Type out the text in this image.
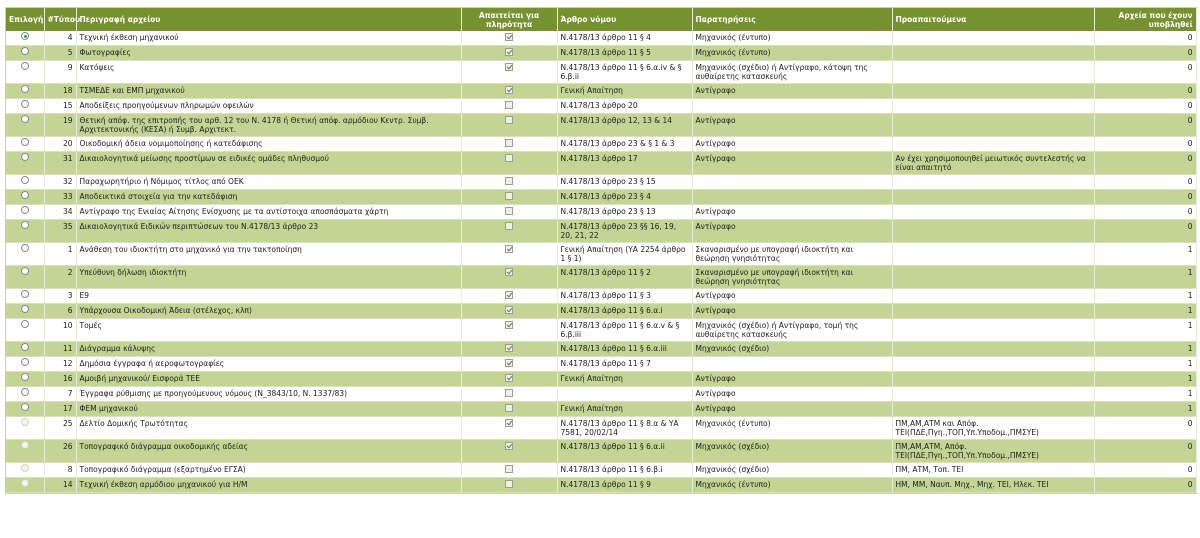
Επιλογή	#Τύπου	Περιγραφή αρχείου	Απαιτείται για πληρότητα	Άρθρο νόμου	Παρατηρήσεις	Προαπαιτούμενα	Αρχεία που έχουν υποβληθεί
	4	Τεχνική έκθεση μηχανικού		N.4178/13 άρθρο 11 § 4	Μηχανικός (έντυπο)		0
	5	Φωτογραφίες		N.4178/13 άρθρο 11 § 5	Μηχανικός (έντυπο)		0
	9	Κατόψεις		N.4178/13 άρθρο 11 § 6.α.iv & § 6.β.ii	Μηχανικός (σχέδιο) ή Αντίγραφο, κάτοψη της αυθαίρετης κατασκευής		0
	18	ΤΣΜΕΔΕ και ΕΜΠ μηχανικού		Γενική Απαίτηση	Αντίγραφο		0
	15	Αποδείξεις προηγούμενων πληρωμών οφειλών		N.4178/13 άρθρο 20			0
	19	Θετική απόφ. της επιτροπής του αρθ. 12 του Ν. 4178 ή Θετική απόφ. αρμόδιου Κεντρ. Συμβ. Αρχιτεκτονικής (ΚΕΣΑ) ή Συμβ. Αρχιτεκτ.		N.4178/13 άρθρο 12, 13 & 14	Αντίγραφο		0
	20	Οικοδομική άδεια νομιμοποίησης ή κατεδάφισης		N.4178/13 άρθρο 23 & § 1 & 3	Αντίγραφο		0
	31	Δικαιολογητικά μείωσης προστίμων σε ειδικές ομάδες πληθυσμού		N.4178/13 άρθρο 17	Αντίγραφο	Αν έχει χρησιμοποιηθεί μειωτικός συντελεστής να είναι απαιτητό	0
	32	Παραχωρητήριο ή Νόμιμος τίτλος από ΟΕΚ		N.4178/13 άρθρο 23 § 15			0
	33	Αποδεικτικά στοιχεία για την κατεδάφιση		N.4178/13 άρθρο 23 § 4			0
	34	Αντίγραφο της Ενιαίας Αίτησης Ενίσχυσης με τα αντίστοιχα αποσπάσματα χάρτη		N.4178/13 άρθρο 23 § 13	Αντίγραφο		0
	35	Δικαιολογητικά Ειδικών περιπτώσεων του N.4178/13 άρθρο 23		N.4178/13 άρθρο 23 §§ 16, 19, 20, 21, 22	Αντίγραφο		0
	1	Ανάθεση του ιδιοκτήτη στο μηχανικό για την τακτοποίηση		Γενική Απαίτηση (ΥΑ 2254 άρθρο 1 § 1)	Σκαναρισμένο με υπογραφή ιδιοκτήτη και θεώρηση γνησιότητας		1
	2	Υπεύθυνη δήλωση ιδιοκτήτη		N.4178/13 άρθρο 11 § 2	Σκαναρισμένο με υπογραφή ιδιοκτήτη και θεώρηση γνησιότητας		1
	3	Ε9		N.4178/13 άρθρο 11 § 3	Αντίγραφο		1
	6	Υπάρχουσα Οικοδομική Άδεια (στέλεχος, κλπ)		N.4178/13 άρθρο 11 § 6.α.i	Αντίγραφο		1
	10	Τομές		N.4178/13 άρθρο 11 § 6.α.v & § 6.β.iii	Μηχανικός (σχέδιο) ή Αντίγραφο, τομή της αυθαίρετης κατασκευής		1
	11	Διάγραμμα κάλυψης		N.4178/13 άρθρο 11 § 6.α.iii	Μηχανικός (σχέδιο)		1
	12	Δημόσια έγγραφα ή αεροφωτογραφίες		N.4178/13 άρθρο 11 § 7			1
	16	Αμοιβή μηχανικού/ Εισφορά ΤΕΕ		Γενική Απαίτηση	Αντίγραφο		1
	7	Έγγραφα ρύθμισης με προηγούμενους νόμους (N_3843/10, N. 1337/83)			Αντίγραφο		1
	17	ΦΕΜ μηχανικού		Γενική Απαίτηση	Αντίγραφο		1
	25	Δελτίο Δομικής Τρωτότητας		N.4178/13 άρθρο 11 § 8.α & ΥΑ 7581, 20/02/14	Μηχανικός (έντυπο)	ΠΜ,ΑΜ,ΑΤΜ και Απόφ. ΤΕΙ(ΠΔΕ,Πγη.,ΤΟΠ,Υπ.Υποδομ.,ΠΜΣΥΕ)	0
	26	Τοπογραφικό διάγραμμα οικοδομικής αδείας		N.4178/13 άρθρο 11 § 6.α.ii	Μηχανικός (σχέδιο)	ΠΜ,ΑΜ,ΑΤΜ, Απόφ. ΤΕΙ(ΠΔΕ,Πγη.,ΤΟΠ,Υπ.Υποδομ.,ΠΜΣΥΕ)	0
	8	Τοπογραφικό διάγραμμα (εξαρτημένο ΕΓΣΑ)		N.4178/13 άρθρο 11 § 6.β.i	Μηχανικός (σχέδιο)	ΠΜ, ΑΤΜ, Τοπ. ΤΕΙ	0
	14	Τεχνική έκθεση αρμόδιου μηχανικού για Η/Μ		N.4178/13 άρθρο 11 § 9	Μηχανικός (έντυπο)	ΗΜ, ΜΜ, Ναυπ. Μηχ., Μηχ. ΤΕΙ, Ηλεκ. ΤΕΙ	0
